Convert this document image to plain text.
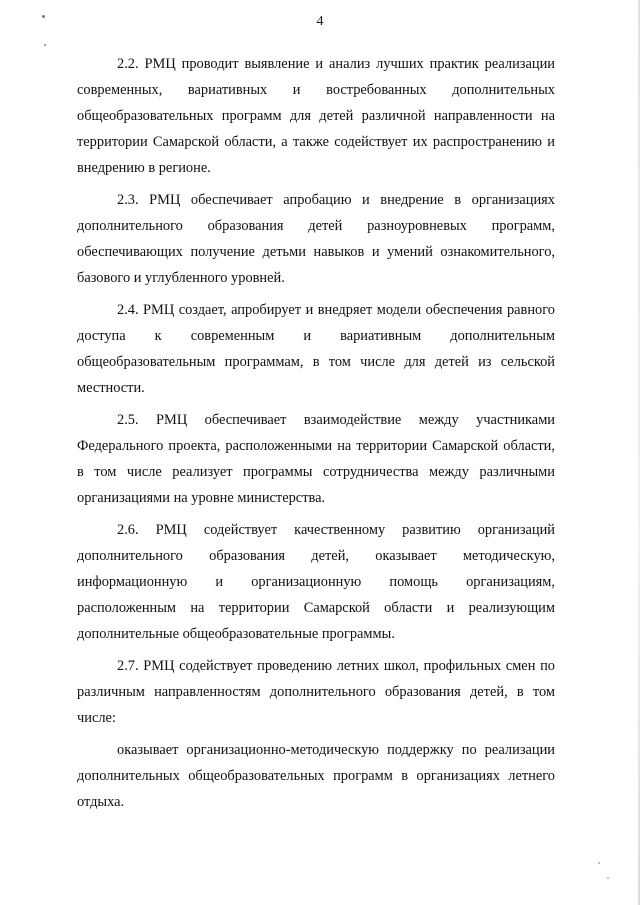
4

2.2. РМЦ проводит выявление и анализ лучших практик реализации современных, вариативных и востребованных дополнительных общеобразовательных программ для детей различной направленности на территории Самарской области, а также содействует их распространению и внедрению в регионе.

2.3. РМЦ обеспечивает апробацию и внедрение в организациях дополнительного образования детей разноуровневых программ, обеспечивающих получение детьми навыков и умений ознакомительного, базового и углубленного уровней.

2.4. РМЦ создает, апробирует и внедряет модели обеспечения равного доступа к современным и вариативным дополнительным общеобразовательным программам, в том числе для детей из сельской местности.

2.5. РМЦ обеспечивает взаимодействие между участниками Федерального проекта, расположенными на территории Самарской области, в том числе реализует программы сотрудничества между различными организациями на уровне министерства.

2.6. РМЦ содействует качественному развитию организаций дополнительного образования детей, оказывает методическую, информационную и организационную помощь организациям, расположенным на территории Самарской области и реализующим дополнительные общеобразовательные программы.

2.7. РМЦ содействует проведению летних школ, профильных смен по различным направленностям дополнительного образования детей, в том числе:

оказывает организационно-методическую поддержку по реализации дополнительных общеобразовательных программ в организациях летнего отдыха.
